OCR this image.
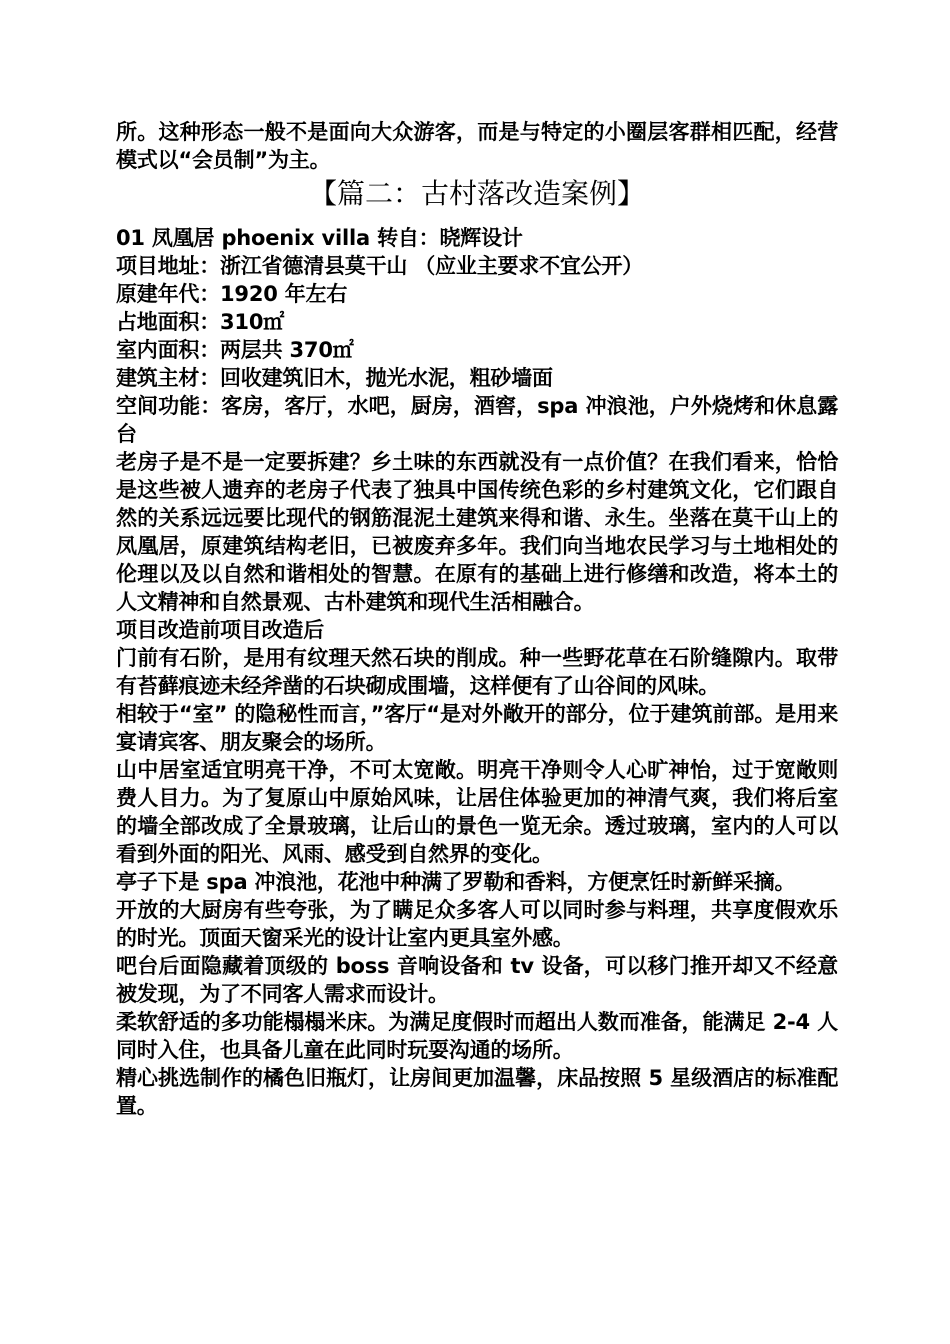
所。这种形态一般不是面向大众游客，而是与特定的小圈层客群相匹配，经营模式以“会员制”为主。

【篇二：古村落改造案例】

01 凤凰居 phoenix villa 转自：晓辉设计

项目地址：浙江省德清县莫干山 （应业主要求不宜公开）

原建年代：1920 年左右

占地面积：310㎡

室内面积：两层共 370㎡

建筑主材：回收建筑旧木，抛光水泥，粗砂墙面

空间功能：客房，客厅，水吧，厨房，酒窖，spa 冲浪池，户外烧烤和休息露台

老房子是不是一定要拆建？乡土味的东西就没有一点价值？在我们看来，恰恰是这些被人遗弃的老房子代表了独具中国传统色彩的乡村建筑文化，它们跟自然的关系远远要比现代的钢筋混泥土建筑来得和谐、永生。坐落在莫干山上的凤凰居，原建筑结构老旧，已被废弃多年。我们向当地农民学习与土地相处的伦理以及以自然和谐相处的智慧。在原有的基础上进行修缮和改造，将本土的人文精神和自然景观、古朴建筑和现代生活相融合。

项目改造前项目改造后

门前有石阶，是用有纹理天然石块的削成。种一些野花草在石阶缝隙内。取带有苔藓痕迹未经斧凿的石块砌成围墙，这样便有了山谷间的风味。

相较于“室” 的隐秘性而言，”客厅“是对外敞开的部分，位于建筑前部。是用来宴请宾客、朋友聚会的场所。

山中居室适宜明亮干净，不可太宽敞。明亮干净则令人心旷神怡，过于宽敞则费人目力。为了复原山中原始风味，让居住体验更加的神清气爽，我们将后室的墙全部改成了全景玻璃，让后山的景色一览无余。透过玻璃，室内的人可以看到外面的阳光、风雨、感受到自然界的变化。

亭子下是 spa 冲浪池，花池中种满了罗勒和香料，方便烹饪时新鲜采摘。

开放的大厨房有些夸张，为了瞒足众多客人可以同时参与料理，共享度假欢乐的时光。顶面天窗采光的设计让室内更具室外感。

吧台后面隐藏着顶级的 boss 音响设备和 tv 设备，可以移门推开却又不经意被发现，为了不同客人需求而设计。

柔软舒适的多功能榻榻米床。为满足度假时而超出人数而准备，能满足 2-4 人同时入住，也具备儿童在此同时玩耍沟通的场所。

精心挑选制作的橘色旧瓶灯，让房间更加温馨，床品按照 5 星级酒店的标准配置。
